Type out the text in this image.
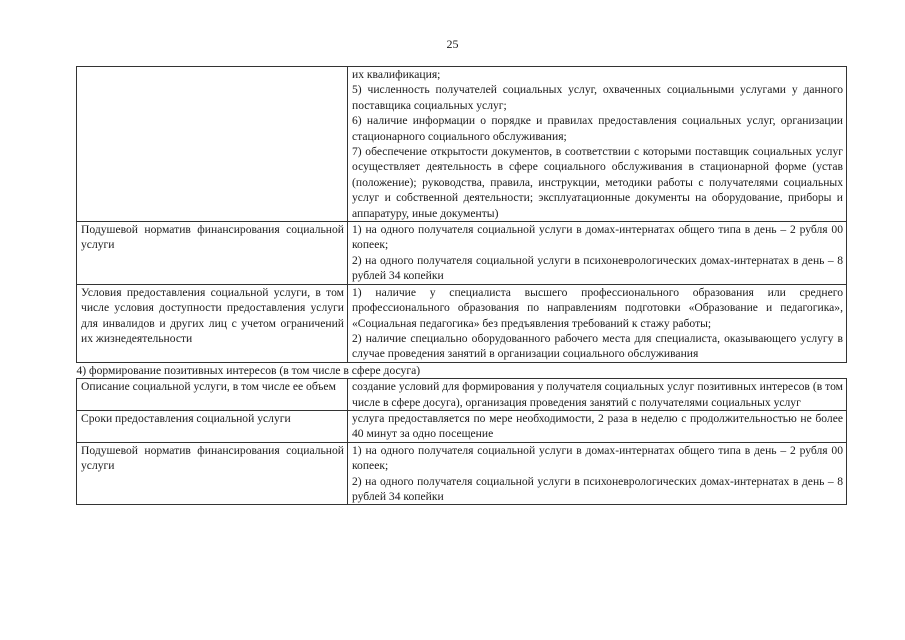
25

	их квалификация;
5) численность получателей социальных услуг, охваченных социальными услугами у данного поставщика социальных услуг;
6) наличие информации о порядке и правилах предоставления социальных услуг, организации стационарного социального обслуживания;
7) обеспечение открытости документов, в соответствии с которыми поставщик социальных услуг осуществляет деятельность в сфере социального обслуживания в стационарной форме (устав (положение); руководства, правила, инструкции, методики работы с получателями социальных услуг и собственной деятельности; эксплуатационные документы на оборудование, приборы и аппаратуру, иные документы)

Подушевой норматив финансирования социальной услуги	1) на одного получателя социальной услуги в домах-интернатах общего типа в день – 2 рубля 00 копеек;
2) на одного получателя социальной услуги в психоневрологических домах-интернатах в день – 8 рублей 34 копейки

Условия предоставления социальной услуги, в том числе условия доступности предоставления услуги для инвалидов и других лиц с учетом ограничений их жизнедеятельности	1) наличие у специалиста высшего профессионального образования или среднего профессионального образования по направлениям подготовки «Образование и педагогика», «Социальная педагогика» без предъявления требований к стажу работы;
2) наличие специально оборудованного рабочего места для специалиста, оказывающего услугу в случае проведения занятий в организации социального обслуживания

4) формирование позитивных интересов (в том числе в сфере досуга)	
Описание социальной услуги, в том числе ее объем	создание условий для формирования у получателя социальных услуг позитивных интересов (в том числе в сфере досуга), организация проведения занятий с получателями социальных услуг

Сроки предоставления социальной услуги	услуга предоставляется по мере необходимости, 2 раза в неделю с продолжительностью не более 40 минут за одно посещение

Подушевой норматив финансирования социальной услуги	1) на одного получателя социальной услуги в домах-интернатах общего типа в день – 2 рубля 00 копеек;
2) на одного получателя социальной услуги в психоневрологических домах-интернатах в день – 8 рублей 34 копейки
